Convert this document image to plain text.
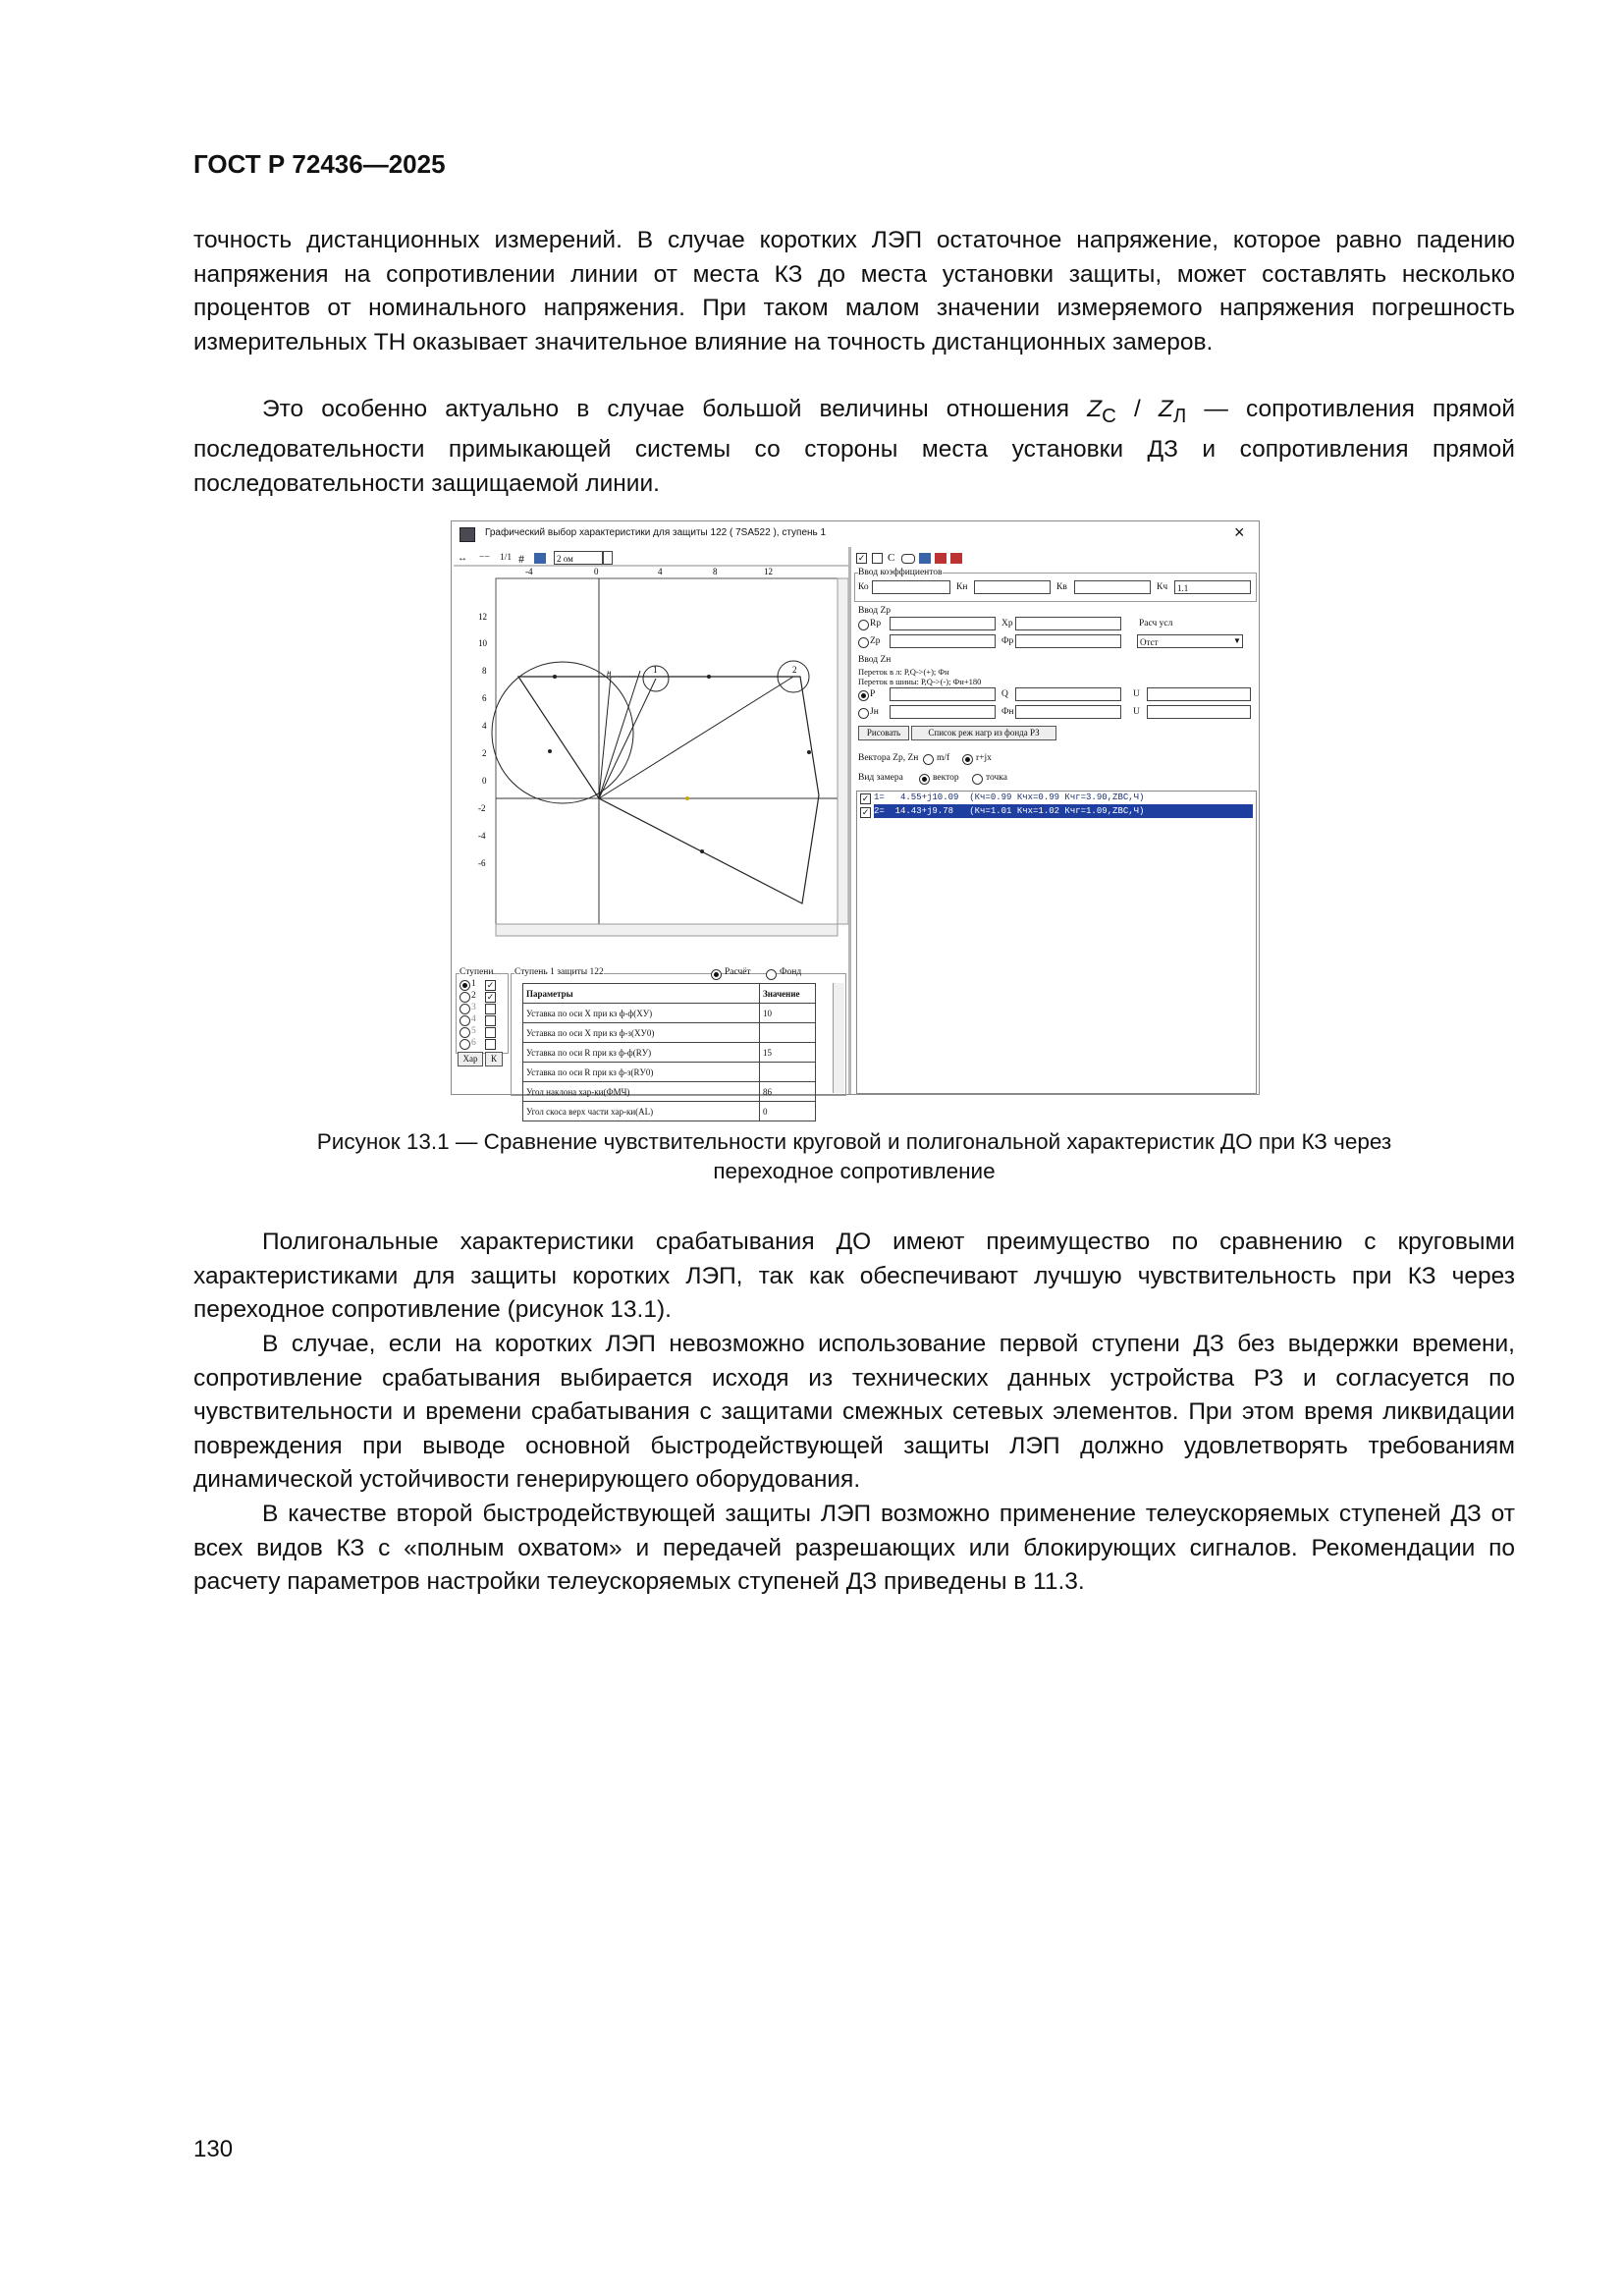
ГОСТ Р 72436—2025

точность дистанционных измерений. В случае коротких ЛЭП остаточное напряжение, которое равно падению напряжения на сопротивлении линии от места КЗ до места установки защиты, может составлять несколько процентов от номинального напряжения. При таком малом значении измеряемого напряжения погрешность измерительных ТН оказывает значительное влияние на точность дистанционных замеров.

Это особенно актуально в случае большой величины отношения $Z_С / Z_Л$ — сопротивления прямой последовательности примыкающей системы со стороны места установки ДЗ и сопротивления прямой последовательности защищаемой линии.

Графический выбор характеристики для защиты 122 ( 7SA522 ), ступень 1	×
↔ −− 1/1 #	2 ом
-4	0	4	8	12
12
10
8
6
4
2
0
-2
-4
-6
1	2
н
✓ С
Ввод коэффициентов
Ко	Кн	Кв	Кч	1.1
Ввод Zр
Rр	Хр	Расч усл
Zр	Фр	Отст	▼
Ввод Zн
Переток в л: Р,Q->(+); Фн
Переток в шины: Р,Q->(-); Фн+180
Р	Q	U
Jн	Фн	U
Рисовать	Список реж нагр из фонда РЗ
Вектора Zр, Zн m/f	r+jx
Вид замера	вектор	точка
✓ 1=   4.55+j10.09  (Кч=0.99 Кчх=0.99 Кчг=3.90,ZBC,Ч)
✓ 2=  14.43+j9.78   (Кч=1.01 Кчх=1.02 Кчг=1.09,ZBC,Ч)
Ступени
1 ✓
2 ✓
3
4
5
6
Хар	К
Ступень 1 защиты 122	Расчёт	Фонд
Параметры	Значение
Уставка по оси Х при кз ф-ф(ХУ)	10
Уставка по оси Х при кз ф-з(ХУ0)	
Уставка по оси R при кз ф-ф(RУ)	15
Уставка по оси R при кз ф-з(RУ0)	
Угол наклона хар-ки(ФМЧ)	86
Угол скоса верх части хар-ки(AL)	0
Рисунок 13.1 — Сравнение чувствительности круговой и полигональной характеристик ДО при КЗ через
переходное сопротивление

Полигональные характеристики срабатывания ДО имеют преимущество по сравнению с круговыми характеристиками для защиты коротких ЛЭП, так как обеспечивают лучшую чувствительность при КЗ через переходное сопротивление (рисунок 13.1).

В случае, если на коротких ЛЭП невозможно использование первой ступени ДЗ без выдержки времени, сопротивление срабатывания выбирается исходя из технических данных устройства РЗ и согласуется по чувствительности и времени срабатывания с защитами смежных сетевых элементов. При этом время ликвидации повреждения при выводе основной быстродействующей защиты ЛЭП должно удовлетворять требованиям динамической устойчивости генерирующего оборудования.

В качестве второй быстродействующей защиты ЛЭП возможно применение телеускоряемых ступеней ДЗ от всех видов КЗ с «полным охватом» и передачей разрешающих или блокирующих сигналов. Рекомендации по расчету параметров настройки телеускоряемых ступеней ДЗ приведены в 11.3.

130
